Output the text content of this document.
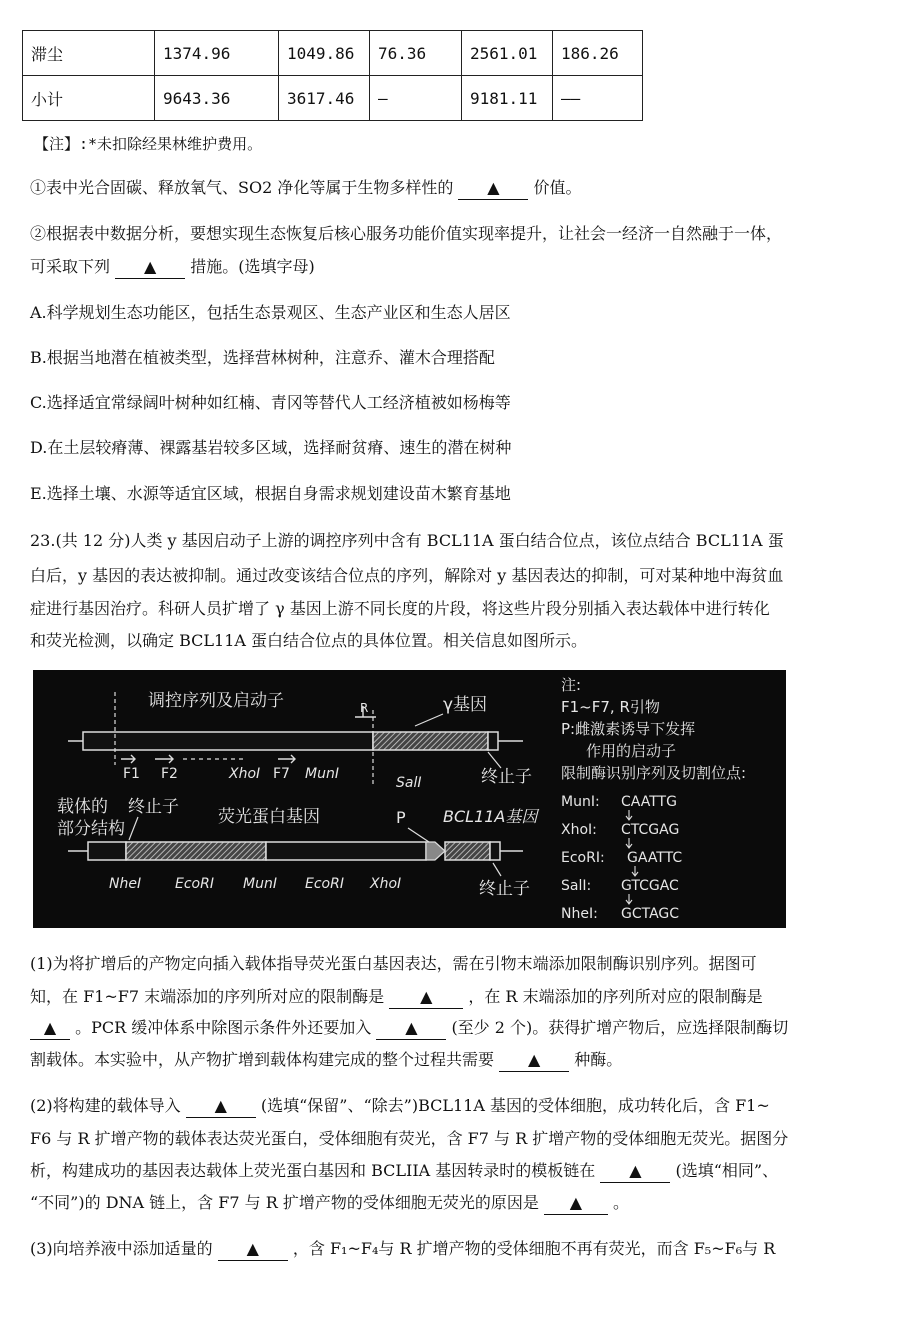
滞尘	1374.96	1049.86	76.36	2561.01	186.26
小计	9643.36	3617.46	—	9181.11	——
【注】:*未扣除经果林维护费用。
①表中光合固碳、释放氧气、SO2 净化等属于生物多样性的 ▲ 价值。
②根据表中数据分析，要想实现生态恢复后核心服务功能价值实现率提升，让社会一经济一自然融于一体，
可采取下列 ▲ 措施。(选填字母)
A.科学规划生态功能区，包括生态景观区、生态产业区和生态人居区
B.根据当地潜在植被类型，选择营林树种，注意乔、灌木合理搭配
C.选择适宜常绿阔叶树种如红楠、青冈等替代人工经济植被如杨梅等
D.在土层较瘠薄、裸露基岩较多区域，选择耐贫瘠、速生的潜在树种
E.选择土壤、水源等适宜区域，根据自身需求规划建设苗木繁育基地
23.(共 12 分)人类 y 基因启动子上游的调控序列中含有 BCL11A 蛋白结合位点，该位点结合 BCL11A 蛋
白后，y 基因的表达被抑制。通过改变该结合位点的序列，解除对 y 基因表达的抑制，可对某种地中海贫血
症进行基因治疗。科研人员扩增了 γ 基因上游不同长度的片段，将这些片段分别插入表达载体中进行转化
和荧光检测，以确定 BCL11A 蛋白结合位点的具体位置。相关信息如图所示。
调控序列及启动子	γ基因
R
F1 F2	XhoⅠ F7 MunⅠ
SalⅠ	终止子
载体的
部分结构
终止子 荧光蛋白基因	P BCL11A基因
NheⅠ EcoRⅠ MunⅠ EcoRⅠ XhoⅠ	终止子
注:
F1~F7, R引物
P:雌激素诱导下发挥
作用的启动子
限制酶识别序列及切割位点:
MunⅠ: CAATTG
XhoⅠ: CTCGAG
EcoRⅠ: GAATTC
SalⅠ: GTCGAC
NheⅠ: GCTAGC
(1)为将扩增后的产物定向插入载体指导荧光蛋白基因表达，需在引物末端添加限制酶识别序列。据图可
知，在 F1~F7 末端添加的序列所对应的限制酶是 ▲ ，在 R 末端添加的序列所对应的限制酶是
▲ 。PCR 缓冲体系中除图示条件外还要加入 ▲ (至少 2 个)。获得扩增产物后，应选择限制酶切
割载体。本实验中，从产物扩增到载体构建完成的整个过程共需要 ▲ 种酶。
(2)将构建的载体导入 ▲ (选填“保留”、“除去”)BCL11A 基因的受体细胞，成功转化后，含 F1~
F6 与 R 扩增产物的载体表达荧光蛋白，受体细胞有荧光，含 F7 与 R 扩增产物的受体细胞无荧光。据图分
析，构建成功的基因表达载体上荧光蛋白基因和 BCLIIA 基因转录时的模板链在 ▲ (选填“相同”、
“不同”)的 DNA 链上，含 F7 与 R 扩增产物的受体细胞无荧光的原因是 ▲ 。
(3)向培养液中添加适量的 ▲ ，含 F₁~F₄与 R 扩增产物的受体细胞不再有荧光，而含 F₅~F₆与 R
